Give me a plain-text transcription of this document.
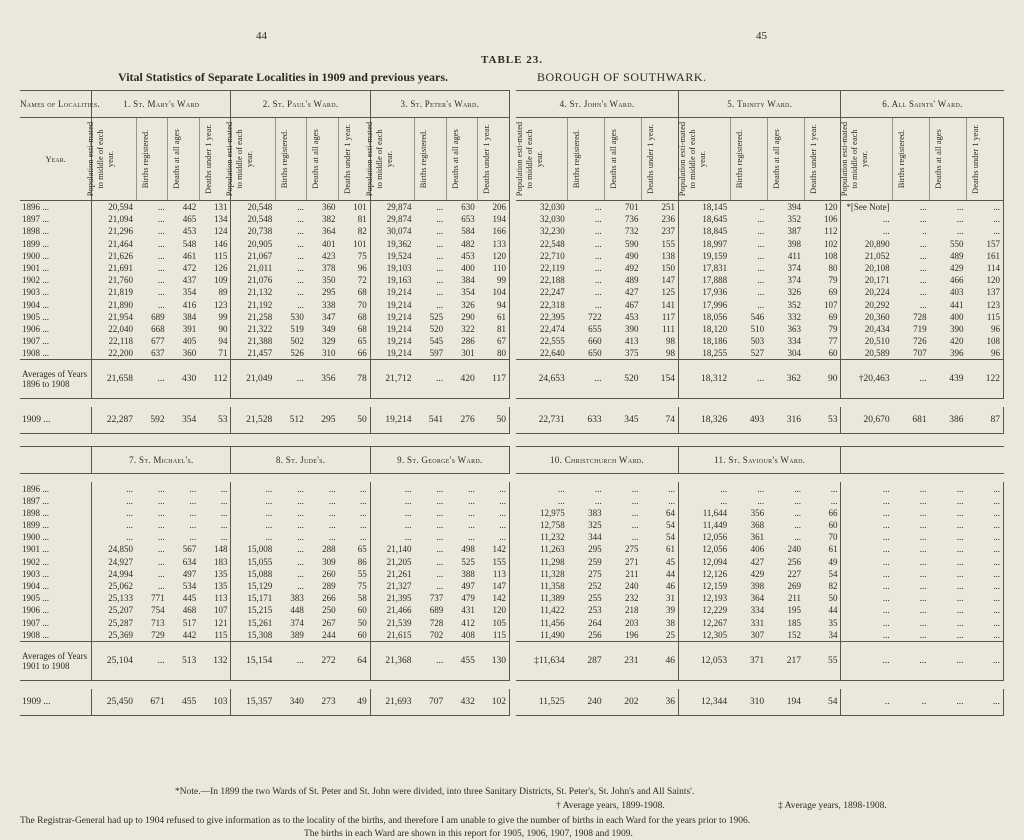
44	45
TABLE 23.
Vital Statistics of Separate Localities in 1909 and previous years.	BOROUGH OF SOUTHWARK.
Names of Localities.	1. St. Mary's Ward				2. St. Paul's Ward.				3. St. Peter's Ward.			
Year.	Population esti-mated to middle of each year.	Births registered.	Deaths at all ages	Deaths under 1 year.	Population esti-mated to middle of each year.	Births registered.	Deaths at all ages	Deaths under 1 year.	Population esti-mated to middle of each year.	Births registered.	Deaths at all ages	Deaths under 1 year.
1896 ...	20,594	...	442	131	20,548	...	360	101	29,874	...	630	206
1897 ...	21,094	...	465	134	20,548	...	382	81	29,874	...	653	194
1898 ...	21,296	...	453	124	20,738	...	364	82	30,074	...	584	166
1899 ...	21,464	...	548	146	20,905	...	401	101	19,362	...	482	133
1900 ...	21,626	...	461	115	21,067	...	423	75	19,524	...	453	120
1901 ...	21,691	...	472	126	21,011	...	378	96	19,103	...	400	110
1902 ...	21,760	...	437	109	21,076	...	350	72	19,163	...	384	99
1903 ...	21,819	...	354	89	21,132	...	295	68	19,214	...	354	104
1904 ...	21,890	...	416	123	21,192	...	338	70	19,214	...	326	94
1905 ...	21,954	689	384	99	21,258	530	347	68	19,214	525	290	61
1906 ...	22,040	668	391	90	21,322	519	349	68	19,214	520	322	81
1907 ...	22,118	677	405	94	21,388	502	329	65	19,214	545	286	67
1908 ...	22,200	637	360	71	21,457	526	310	66	19,214	597	301	80
Averages of Years 1896 to 1908	21,658	...	430	112	21,049	...	356	78	21,712	...	420	117

1909 ...	22,287	592	354	53	21,528	512	295	50	19,214	541	276	50
4. St. John's Ward.				5. Trinity Ward.				6. All Saints' Ward.			
Population esti-mated to middle of each year.	Births registered.	Deaths at all ages	Deaths under 1 year.	Population esti-mated to middle of each year.	Births registered.	Deaths at all ages	Deaths under 1 year.	Population esti-mated to middle of each year.	Births registered.	Deaths at all ages	Deaths under 1 year.
32,030	...	701	251	18,145	..	394	120	*[See Note]	...	...	...
32,030	...	736	236	18,645	...	352	106	...	...	...	...
32,230	...	732	237	18,845	...	387	112	...	..	...	...
22,548	...	590	155	18,997	...	398	102	20,890	...	550	157
22,710	...	490	138	19,159	...	411	108	21,052	...	489	161
22,119	...	492	150	17,831	...	374	80	20,108	...	429	114
22,188	...	489	147	17,888	...	374	79	20,171	...	466	120
22,247	...	427	125	17,936	...	326	69	20,224	...	403	137
22,318	...	467	141	17,996	...	352	107	20,292	...	441	123
22,395	722	453	117	18,056	546	332	69	20,360	728	400	115
22,474	655	390	111	18,120	510	363	79	20,434	719	390	96
22,555	660	413	98	18,186	503	334	77	20,510	726	420	108
22,640	650	375	98	18,255	527	304	60	20,589	707	396	96
24,653	...	520	154	18,312	...	362	90	†20,463	...	439	122

22,731	633	345	74	18,326	493	316	53	20,670	681	386	87
	7. St. Michael's.				8. St. Jude's.				9. St. George's Ward.			

1896 ...	...	...	...	...	...	...	...	...	...	...	...	...
1897 ...	...	...	...	...	...	...	...	...	...	...	...	...
1898 ...	...	...	...	...	...	...	...	...	...	...	...	...
1899 ...	...	...	...	...	...	...	...	...	...	...	...	...
1900 ...	...	...	...	...	...	...	...	...	...	...	...	...
1901 ...	24,850	...	567	148	15,008	...	288	65	21,140	...	498	142
1902 ...	24,927	...	634	183	15,055	...	309	86	21,205	...	525	155
1903 ...	24,994	...	497	135	15,088	...	260	55	21,261	...	388	113
1904 ...	25,062	...	534	135	15,129	...	289	75	21,327	...	497	147
1905 ...	25,133	771	445	113	15,171	383	266	58	21,395	737	479	142
1906 ...	25,207	754	468	107	15,215	448	250	60	21,466	689	431	120
1907 ...	25,287	713	517	121	15,261	374	267	50	21,539	728	412	105
1908 ...	25,369	729	442	115	15,308	389	244	60	21,615	702	408	115
Averages of Years 1901 to 1908	25,104	...	513	132	15,154	...	272	64	21,368	...	455	130

1909 ...	25,450	671	455	103	15,357	340	273	49	21,693	707	432	102
10. Christchurch Ward.				11. St. Saviour's Ward.							

...	...	...	...	...	...	...	...	...	...	...	...
...	...	...	...	...	...	...	...	...	...	...	...
12,975	383	...	64	11,644	356	...	66	...	...	...	...
12,758	325	...	54	11,449	368	...	60	...	...	...	...
11,232	344	...	54	12,056	361	...	70	...	...	...	...
11,263	295	275	61	12,056	406	240	61	...	...	...	...
11,298	259	271	45	12,094	427	256	49	...	...	...	...
11,328	275	211	44	12,126	429	227	54	...	...	...	...
11,358	252	240	46	12,159	398	269	82	...	...	...	...
11,389	255	232	31	12,193	364	211	50	...	...	...	...
11,422	253	218	39	12,229	334	195	44	...	...	...	...
11,456	264	203	38	12,267	331	185	35	...	...	...	...
11,490	256	196	25	12,305	307	152	34	...	...	...	...
‡11,634	287	231	46	12,053	371	217	55	...	...	...	...

11,525	240	202	36	12,344	310	194	54	..	..	...	...
*Note.—In 1899 the two Wards of St. Peter and St. John were divided, into three Sanitary Districts, St. Peter's, St. John's and All Saints'.
† Average years, 1899-1908.	‡ Average years, 1898-1908.
The Registrar-General had up to 1904 refused to give information as to the locality of the births, and therefore I am unable to give the number of births in each Ward for the years prior to 1906.
The births in each Ward are shown in this report for 1905, 1906, 1907, 1908 and 1909.
